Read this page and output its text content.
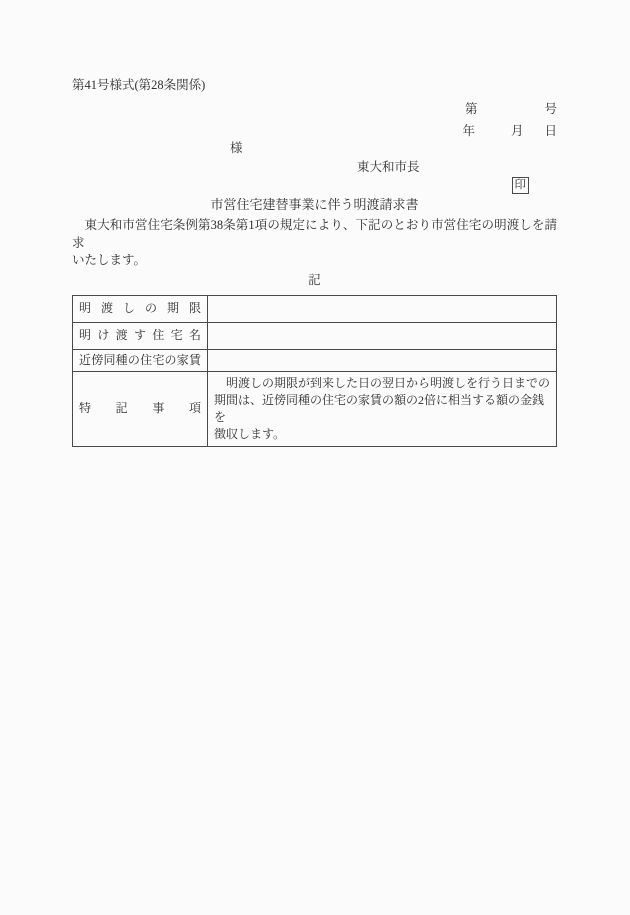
第41号様式(第28条関係)
第	号
年	月 日
様
東大和市長
印
市営住宅建替事業に伴う明渡請求書

　東大和市営住宅条例第38条第1項の規定により、下記のとおり市営住宅の明渡しを請求
いたします。

記
明渡しの期限	
明け渡す住宅名	
近傍同種の住宅の家賃	
特記事項	　明渡しの期限が到来した日の翌日から明渡しを行う日までの
期間は、近傍同種の住宅の家賃の額の2倍に相当する額の金銭を
徴収します。
